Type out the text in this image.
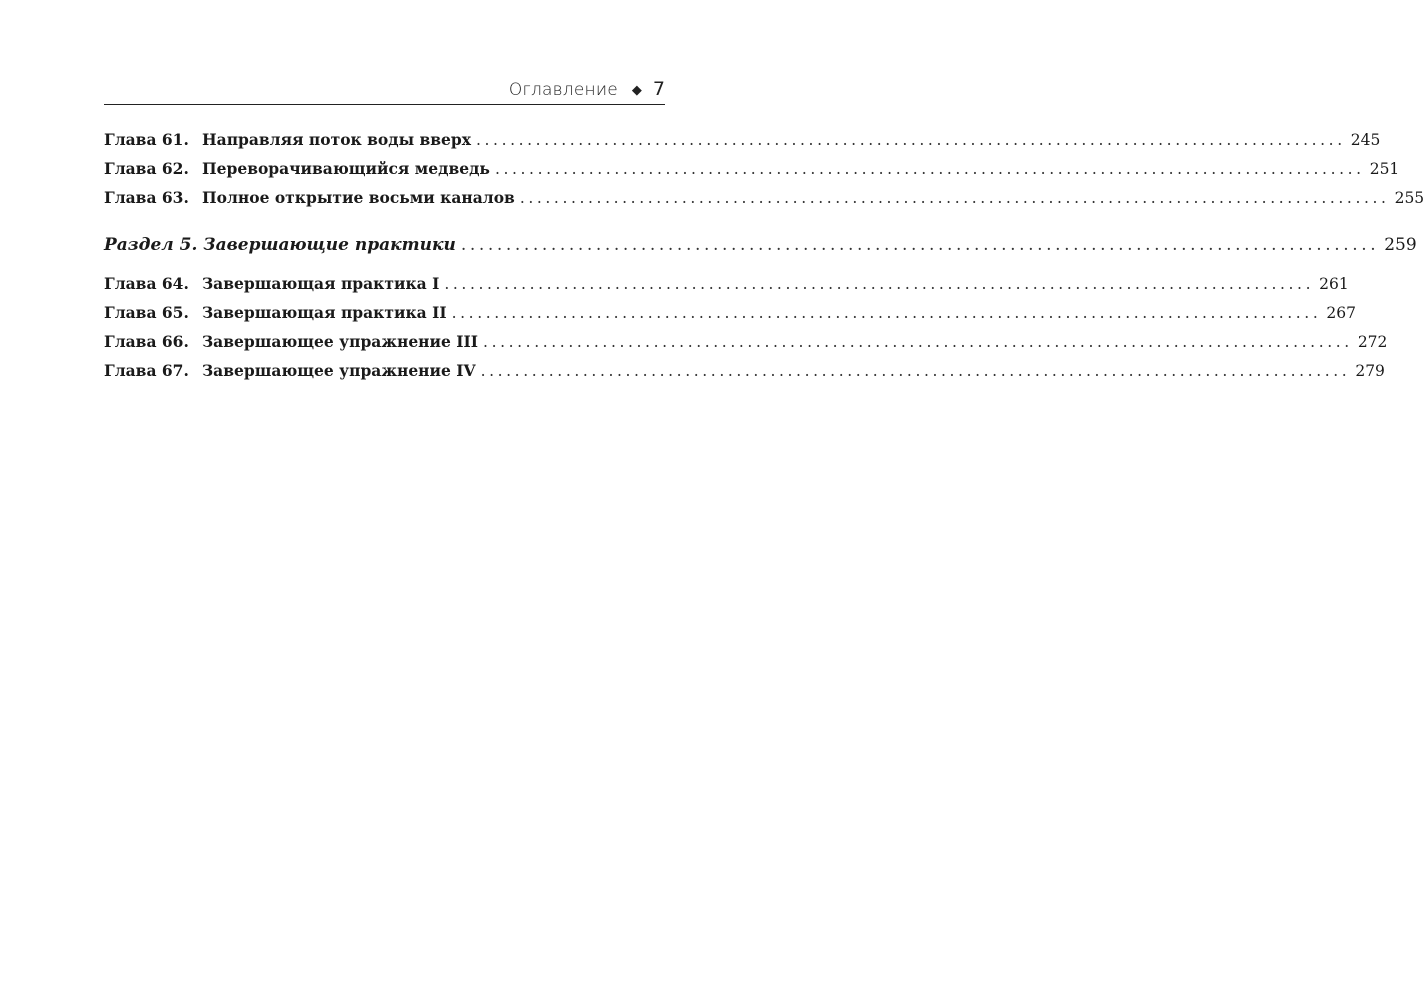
Оглавление ◆ 7
Глава 61. Направляя поток воды вверх ...................................................................................................... 245
Глава 62. Переворачивающийся медведь ...................................................................................................... 251
Глава 63. Полное открытие восьми каналов ...................................................................................................... 255
Раздел 5. Завершающие практики ...................................................................................................... 259
Глава 64. Завершающая практика I ...................................................................................................... 261
Глава 65. Завершающая практика II ...................................................................................................... 267
Глава 66. Завершающее упражнение III ...................................................................................................... 272
Глава 67. Завершающее упражнение IV ...................................................................................................... 279
